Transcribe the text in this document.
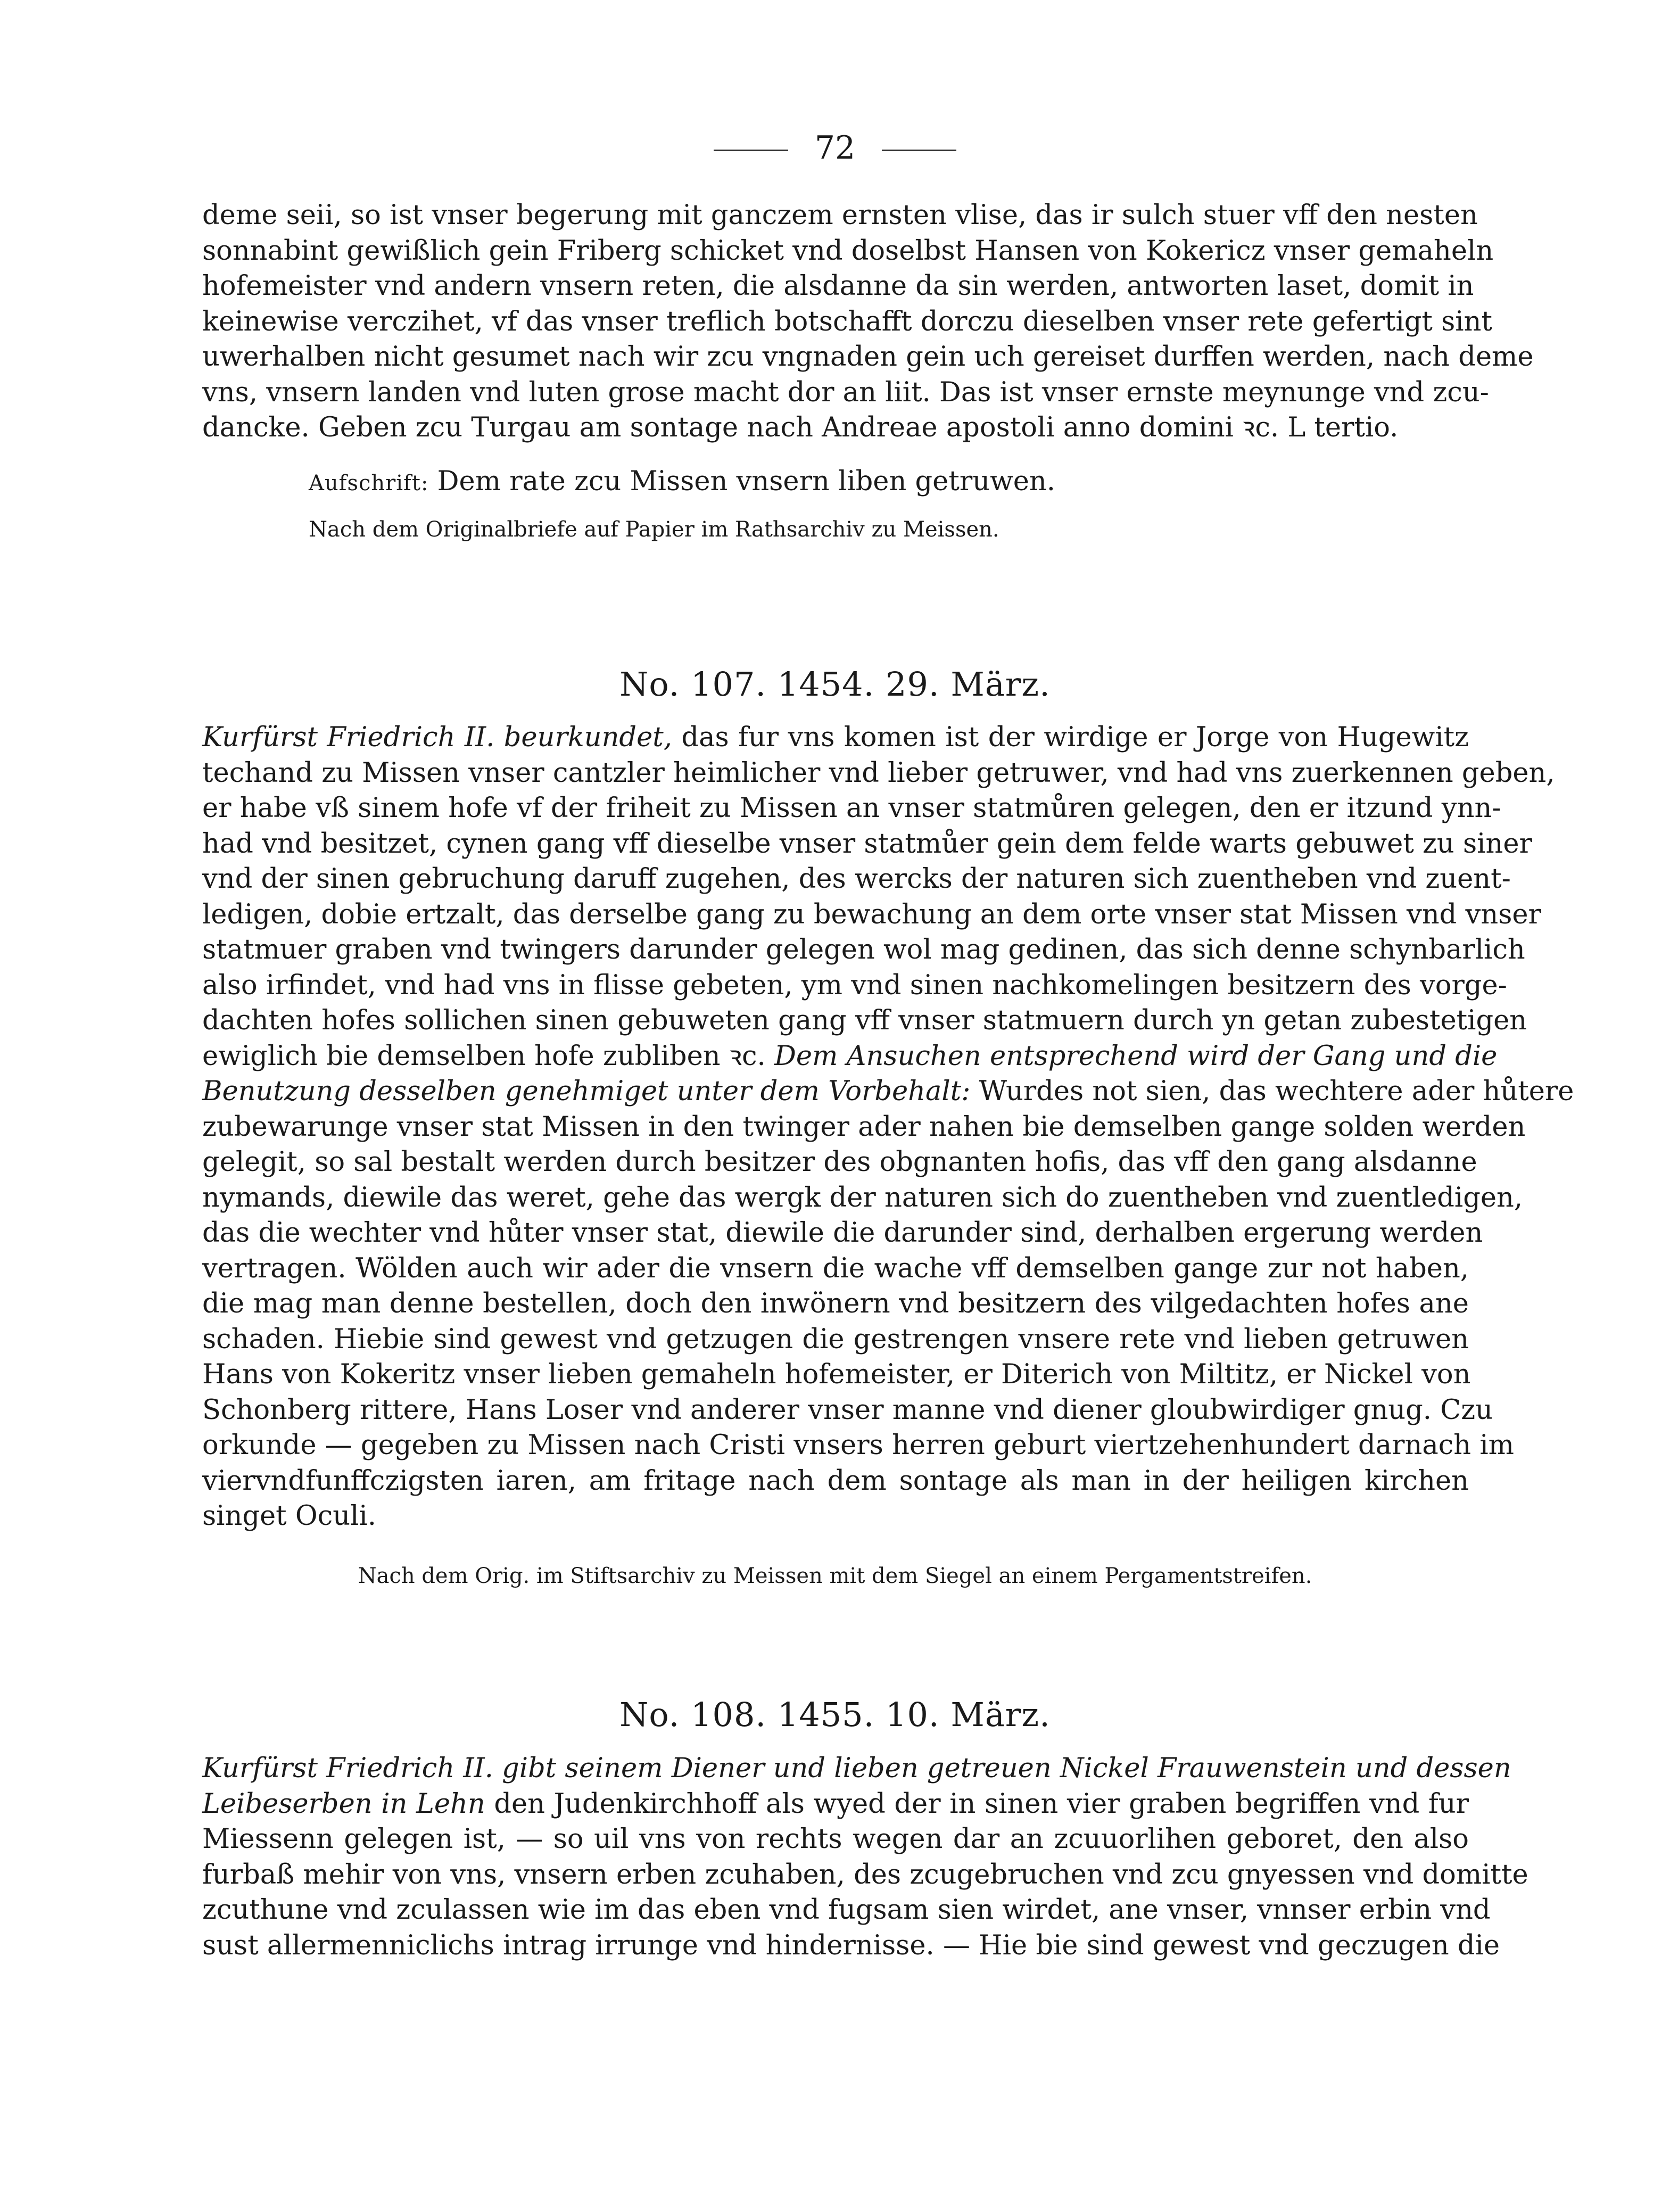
72

deme seii, so ist vnser begerung mit ganczem ernsten vlise, das ir sulch stuer vff den nesten
sonnabint gewißlich gein Friberg schicket vnd doselbst Hansen von Kokericz vnser gemaheln
hofemeister vnd andern vnsern reten, die alsdanne da sin werden, antworten laset, domit in
keinewise verczihet, vf das vnser treflich botschafft dorczu dieselben vnser rete gefertigt sint
uwerhalben nicht gesumet nach wir zcu vngnaden gein uch gereiset durffen werden, nach deme
vns, vnsern landen vnd luten grose macht dor an liit. Das ist vnser ernste meynunge vnd zcu-
dancke. Geben zcu Turgau am sontage nach Andreae apostoli anno domini ꝛc. L tertio.

Aufschrift: Dem rate zcu Missen vnsern liben getruwen.
Nach dem Originalbriefe auf Papier im Rathsarchiv zu Meissen.
No. 107. 1454. 29. März.

Kurfürst Friedrich II. beurkundet, das fur vns komen ist der wirdige er Jorge von Hugewitz
techand zu Missen vnser cantzler heimlicher vnd lieber getruwer, vnd had vns zuerkennen geben,
er habe vß sinem hofe vf der friheit zu Missen an vnser statmůren gelegen, den er itzund ynn-
had vnd besitzet, cynen gang vff dieselbe vnser statmůer gein dem felde warts gebuwet zu siner
vnd der sinen gebruchung daruff zugehen, des wercks der naturen sich zuentheben vnd zuent-
ledigen, dobie ertzalt, das derselbe gang zu bewachung an dem orte vnser stat Missen vnd vnser
statmuer graben vnd twingers darunder gelegen wol mag gedinen, das sich denne schynbarlich
also irfindet, vnd had vns in flisse gebeten, ym vnd sinen nachkomelingen besitzern des vorge-
dachten hofes sollichen sinen gebuweten gang vff vnser statmuern durch yn getan zubestetigen
ewiglich bie demselben hofe zubliben ꝛc. Dem Ansuchen entsprechend wird der Gang und die
Benutzung desselben genehmiget unter dem Vorbehalt: Wurdes not sien, das wechtere ader hůtere
zubewarunge vnser stat Missen in den twinger ader nahen bie demselben gange solden werden
gelegit, so sal bestalt werden durch besitzer des obgnanten hofis, das vff den gang alsdanne
nymands, diewile das weret, gehe das wergk der naturen sich do zuentheben vnd zuentledigen,
das die wechter vnd hůter vnser stat, diewile die darunder sind, derhalben ergerung werden
vertragen. Wölden auch wir ader die vnsern die wache vff demselben gange zur not haben,
die mag man denne bestellen, doch den inwönern vnd besitzern des vilgedachten hofes ane
schaden. Hiebie sind gewest vnd getzugen die gestrengen vnsere rete vnd lieben getruwen
Hans von Kokeritz vnser lieben gemaheln hofemeister, er Diterich von Miltitz, er Nickel von
Schonberg rittere, Hans Loser vnd anderer vnser manne vnd diener gloubwirdiger gnug. Czu
orkunde — gegeben zu Missen nach Cristi vnsers herren geburt viertzehenhundert darnach im
viervndfunffczigsten iaren, am fritage nach dem sontage als man in der heiligen kirchen
singet Oculi.

Nach dem Orig. im Stiftsarchiv zu Meissen mit dem Siegel an einem Pergamentstreifen.
No. 108. 1455. 10. März.

Kurfürst Friedrich II. gibt seinem Diener und lieben getreuen Nickel Frauwenstein und dessen
Leibeserben in Lehn den Judenkirchhoff als wyed der in sinen vier graben begriffen vnd fur
Miessenn gelegen ist, — so uil vns von rechts wegen dar an zcuuorlihen geboret, den also
furbaß mehir von vns, vnsern erben zcuhaben, des zcugebruchen vnd zcu gnyessen vnd domitte
zcuthune vnd zculassen wie im das eben vnd fugsam sien wirdet, ane vnser, vnnser erbin vnd
sust allermenniclichs intrag irrunge vnd hindernisse. — Hie bie sind gewest vnd geczugen die
